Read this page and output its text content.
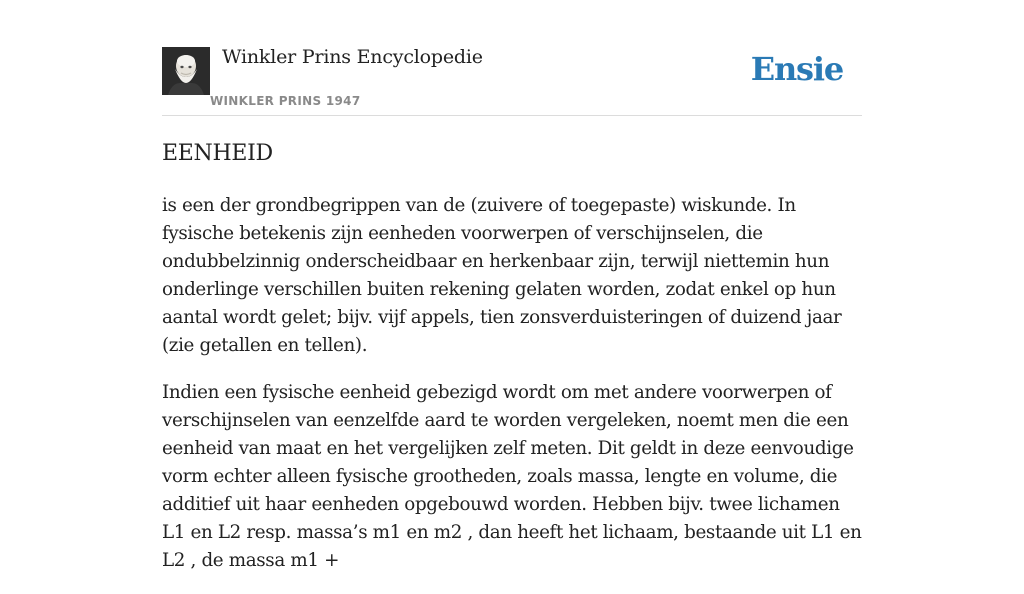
Winkler Prins Encyclopedie
WINKLER PRINS 1947
Ensie
EENHEID

is een der grondbegrippen van de (zuivere of toegepaste) wiskunde. In fysische betekenis zijn eenheden voorwerpen of verschijnselen, die ondubbelzinnig onderscheidbaar en herkenbaar zijn, terwijl niettemin hun onderlinge verschillen buiten rekening gelaten worden, zodat enkel op hun aantal wordt gelet; bijv. vijf appels, tien zonsverduisteringen of duizend jaar (zie getallen en tellen).

Indien een fysische eenheid gebezigd wordt om met andere voorwerpen of verschijnselen van eenzelfde aard te worden vergeleken, noemt men die een eenheid van maat en het vergelijken zelf meten. Dit geldt in deze eenvoudige vorm echter alleen fysische grootheden, zoals massa, lengte en volume, die additief uit haar eenheden opgebouwd worden. Hebben bijv. twee lichamen L1 en L2 resp. massa’s m1 en m2 , dan heeft het lichaam, bestaande uit L1 en L2 , de massa m1 +
